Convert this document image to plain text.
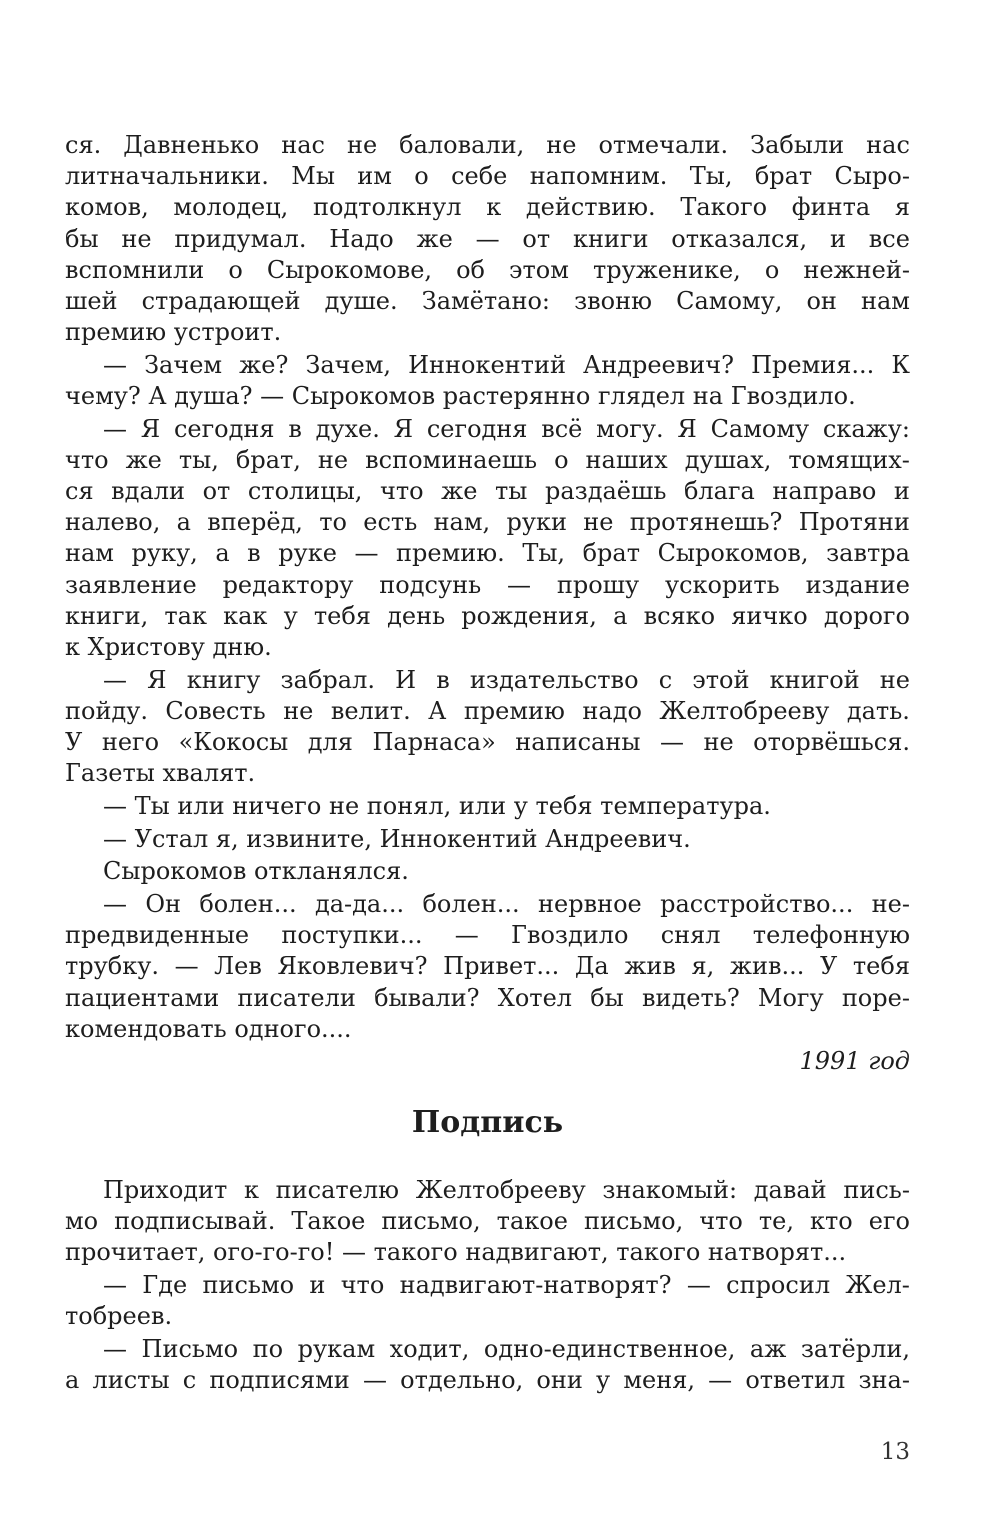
ся. Давненько нас не баловали, не отмечали. Забыли нас
литначальники. Мы им о себе напомним. Ты, брат Сыро-
комов, молодец, подтолкнул к действию. Такого финта я
бы не придумал. Надо же — от книги отказался, и все
вспомнили о Сырокомове, об этом труженике, о нежней-
шей страдающей душе. Замётано: звоню Самому, он нам
премию устроит.
— Зачем же? Зачем, Иннокентий Андреевич? Премия... К
чему? А душа? — Сырокомов растерянно глядел на Гвоздило.
— Я сегодня в духе. Я сегодня всё могу. Я Самому скажу:
что же ты, брат, не вспоминаешь о наших душах, томящих-
ся вдали от столицы, что же ты раздаёшь блага направо и
налево, а вперёд, то есть нам, руки не протянешь? Протяни
нам руку, а в руке — премию. Ты, брат Сырокомов, завтра
заявление редактору подсунь — прошу ускорить издание
книги, так как у тебя день рождения, а всяко яичко дорого
к Христову дню.
— Я книгу забрал. И в издательство с этой книгой не
пойду. Совесть не велит. А премию надо Желтобрееву дать.
У него «Кокосы для Парнаса» написаны — не оторвёшься.
Газеты хвалят.
— Ты или ничего не понял, или у тебя температура.
— Устал я, извините, Иннокентий Андреевич.
Сырокомов откланялся.
— Он болен... да-да... болен... нервное расстройство... не-
предвиденные поступки... — Гвоздило снял телефонную
трубку. — Лев Яковлевич? Привет... Да жив я, жив... У тебя
пациентами писатели бывали? Хотел бы видеть? Могу поре-
комендовать одного....
1991 год
Подпись
Приходит к писателю Желтобрееву знакомый: давай пись-
мо подписывай. Такое письмо, такое письмо, что те, кто его
прочитает, ого-го-го! — такого надвигают, такого натворят...
— Где письмо и что надвигают-натворят? — спросил Жел-
тобреев.
— Письмо по рукам ходит, одно-единственное, аж затёрли,
а листы с подписями — отдельно, они у меня, — ответил зна-
13
